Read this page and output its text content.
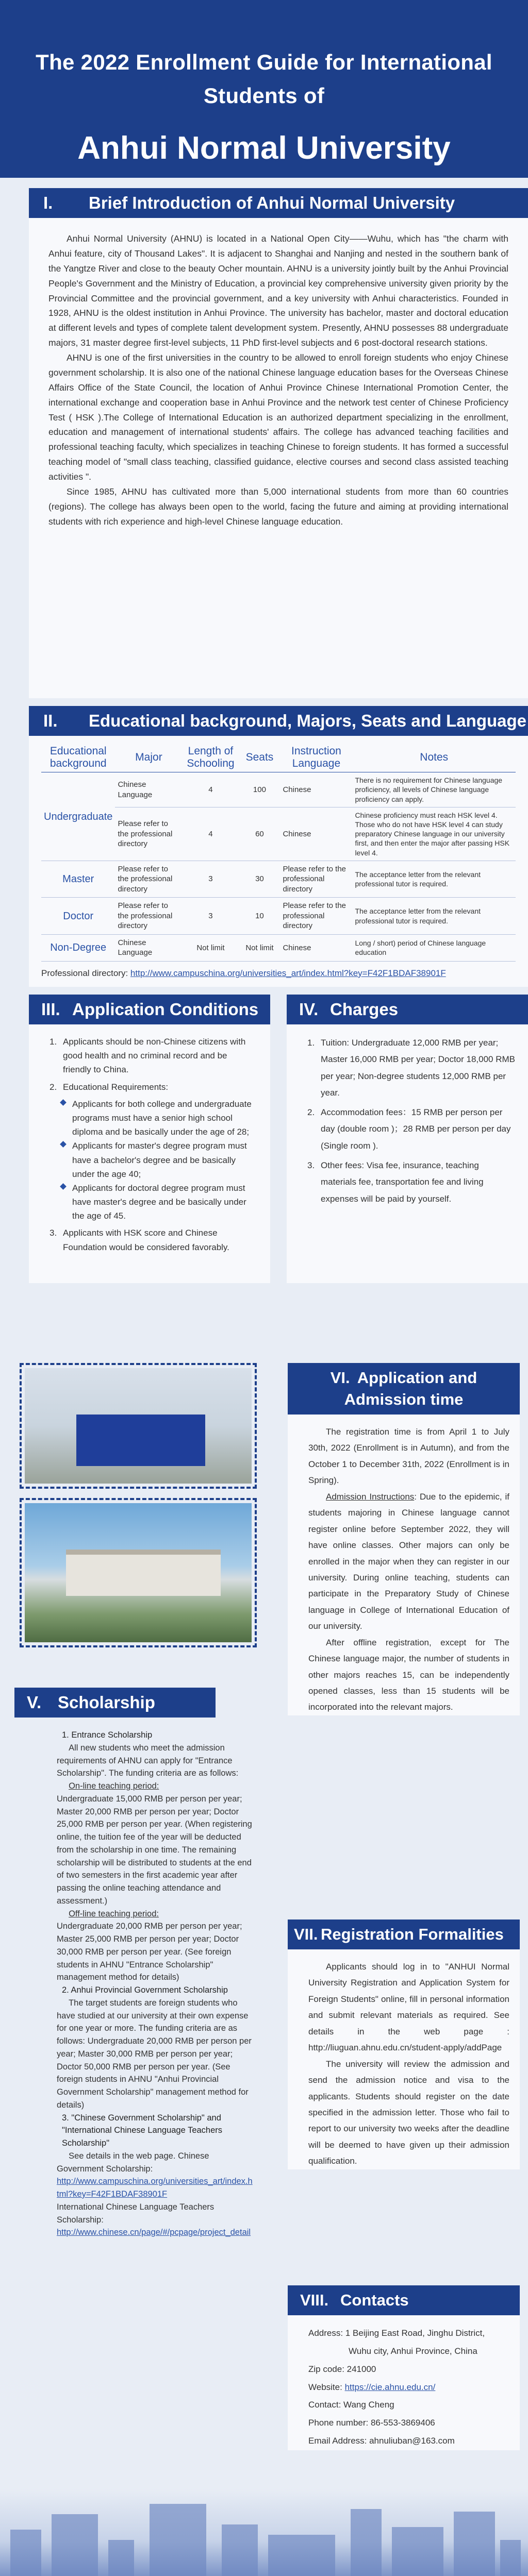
The 2022 Enrollment Guide for International Students of
Anhui Normal University
I. Brief Introduction of Anhui Normal University

Anhui Normal University (AHNU) is located in a National Open City——Wuhu, which has "the charm with Anhui feature, city of Thousand Lakes". It is adjacent to Shanghai and Nanjing and nested in the southern bank of the Yangtze River and close to the beauty Ocher mountain. AHNU is a university jointly built by the Anhui Provincial People's Government and the Ministry of Education, a provincial key comprehensive university given priority by the Provincial Committee and the provincial government, and a key university with Anhui characteristics. Founded in 1928, AHNU is the oldest institution in Anhui Province. The university has bachelor, master and doctoral education at different levels and types of complete talent development system. Presently, AHNU possesses 88 undergraduate majors, 31 master degree first-level subjects, 11 PhD first-level subjects and 6 post-doctoral research stations.

AHNU is one of the first universities in the country to be allowed to enroll foreign students who enjoy Chinese government scholarship. It is also one of the national Chinese language education bases for the Overseas Chinese Affairs Office of the State Council, the location of Anhui Province Chinese International Promotion Center, the international exchange and cooperation base in Anhui Province and the network test center of Chinese Proficiency Test ( HSK ).The College of International Education is an authorized department specializing in the enrollment, education and management of international students' affairs. The college has advanced teaching facilities and professional teaching faculty, which specializes in teaching Chinese to foreign students. It has formed a successful teaching model of "small class teaching, classified guidance, elective courses and second class assisted teaching activities ".

Since 1985, AHNU has cultivated more than 5,000 international students from more than 60 countries (regions). The college has always been open to the world, facing the future and aiming at providing international students with rich experience and high-level Chinese language education.

II. Educational background, Majors, Seats and Language
Educational background	Major	Length of Schooling	Seats	Instruction Language	Notes
Undergraduate	Chinese Language	4	100	Chinese	There is no requirement for Chinese language proficiency, all levels of Chinese language proficiency can apply.
	Please refer to the professional directory	4	60	Chinese	Chinese proficiency must reach HSK level 4. Those who do not have HSK level 4 can study preparatory Chinese language in our university first, and then enter the major after passing HSK level 4.
Master	Please refer to the professional directory	3	30	Please refer to the professional directory	The acceptance letter from the relevant professional tutor is required.
Doctor	Please refer to the professional directory	3	10	Please refer to the professional directory	The acceptance letter from the relevant professional tutor is required.
Non-Degree	Chinese Language	Not limit	Not limit	Chinese	Long / short) period of Chinese language education
Professional directory: http://www.campuschina.org/universities_art/index.html?key=F42F1BDAF38901F
III. Application Conditions
1. Applicants should be non-Chinese citizens with good health and no criminal record and be friendly to China.
2. Educational Requirements:
Applicants for both college and undergraduate programs must have a senior high school diploma and be basically under the age of 28;
Applicants for master's degree program must have a bachelor's degree and be basically under the age 40;
Applicants for doctoral degree program must have master's degree and be basically under the age of 45.
3. Applicants with HSK score and Chinese Foundation would be considered favorably.
IV. Charges
1. Tuition: Undergraduate 12,000 RMB per year; Master 16,000 RMB per year; Doctor 18,000 RMB per year; Non-degree students 12,000 RMB per year.
2. Accommodation fees：15 RMB per person per day (double room )；28 RMB per person per day (Single room ).
3. Other fees: Visa fee, insurance, teaching materials fee, transportation fee and living expenses will be paid by yourself.
V. Scholarship
1. Entrance Scholarship

All new students who meet the admission requirements of AHNU can apply for "Entrance Scholarship". The funding criteria are as follows:

On-line teaching period:

Undergraduate 15,000 RMB per person per year; Master 20,000 RMB per person per year; Doctor 25,000 RMB per person per year. (When registering online, the tuition fee of the year will be deducted from the scholarship in one time. The remaining scholarship will be distributed to students at the end of two semesters in the first academic year after passing the online teaching attendance and assessment.)

Off-line teaching period:

Undergraduate 20,000 RMB per person per year; Master 25,000 RMB per person per year; Doctor 30,000 RMB per person per year. (See foreign students in AHNU "Entrance Scholarship" management method for details)
2. Anhui Provincial Government Scholarship

The target students are foreign students who have studied at our university at their own expense for one year or more. The funding criteria are as follows: Undergraduate 20,000 RMB per person per year; Master 30,000 RMB per person per year; Doctor 50,000 RMB per person per year. (See foreign students in AHNU "Anhui Provincial Government Scholarship" management method for details)

3. "Chinese Government Scholarship" and "International Chinese Language Teachers Scholarship"

See details in the web page. Chinese Government Scholarship:

http://www.campuschina.org/universities_art/index.html?key=F42F1BDAF38901F
International Chinese Language Teachers Scholarship:
http://www.chinese.cn/page/#/pcpage/project_detail
VI. Application and Admission time

The registration time is from April 1 to July 30th, 2022 (Enrollment is in Autumn), and from the October 1 to December 31th, 2022 (Enrollment is in Spring).

Admission Instructions: Due to the epidemic, if students majoring in Chinese language cannot register online before September 2022, they will have online classes. Other majors can only be enrolled in the major when they can register in our university. During online teaching, students can participate in the Preparatory Study of Chinese language in College of International Education of our university.

After offline registration, except for The Chinese language major, the number of students in other majors reaches 15, can be independently opened classes, less than 15 students will be incorporated into the relevant majors.

VII. Registration Formalities

Applicants should log in to "ANHUI Normal University Registration and Application System for Foreign Students" online, fill in personal information and submit relevant materials as required. See details in the web page : http://liuguan.ahnu.edu.cn/student-apply/addPage

The university will review the admission and send the admission notice and visa to the applicants. Students should register on the date specified in the admission letter. Those who fail to report to our university two weeks after the deadline will be deemed to have given up their admission qualification.

VIII. Contacts
Address: 1 Beijing East Road, Jinghu District,
Wuhu city, Anhui Province, China
Zip code: 241000
Website: https://cie.ahnu.edu.cn/
Contact: Wang Cheng
Phone number: 86-553-3869406
Email Address: ahnuliuban@163.com
